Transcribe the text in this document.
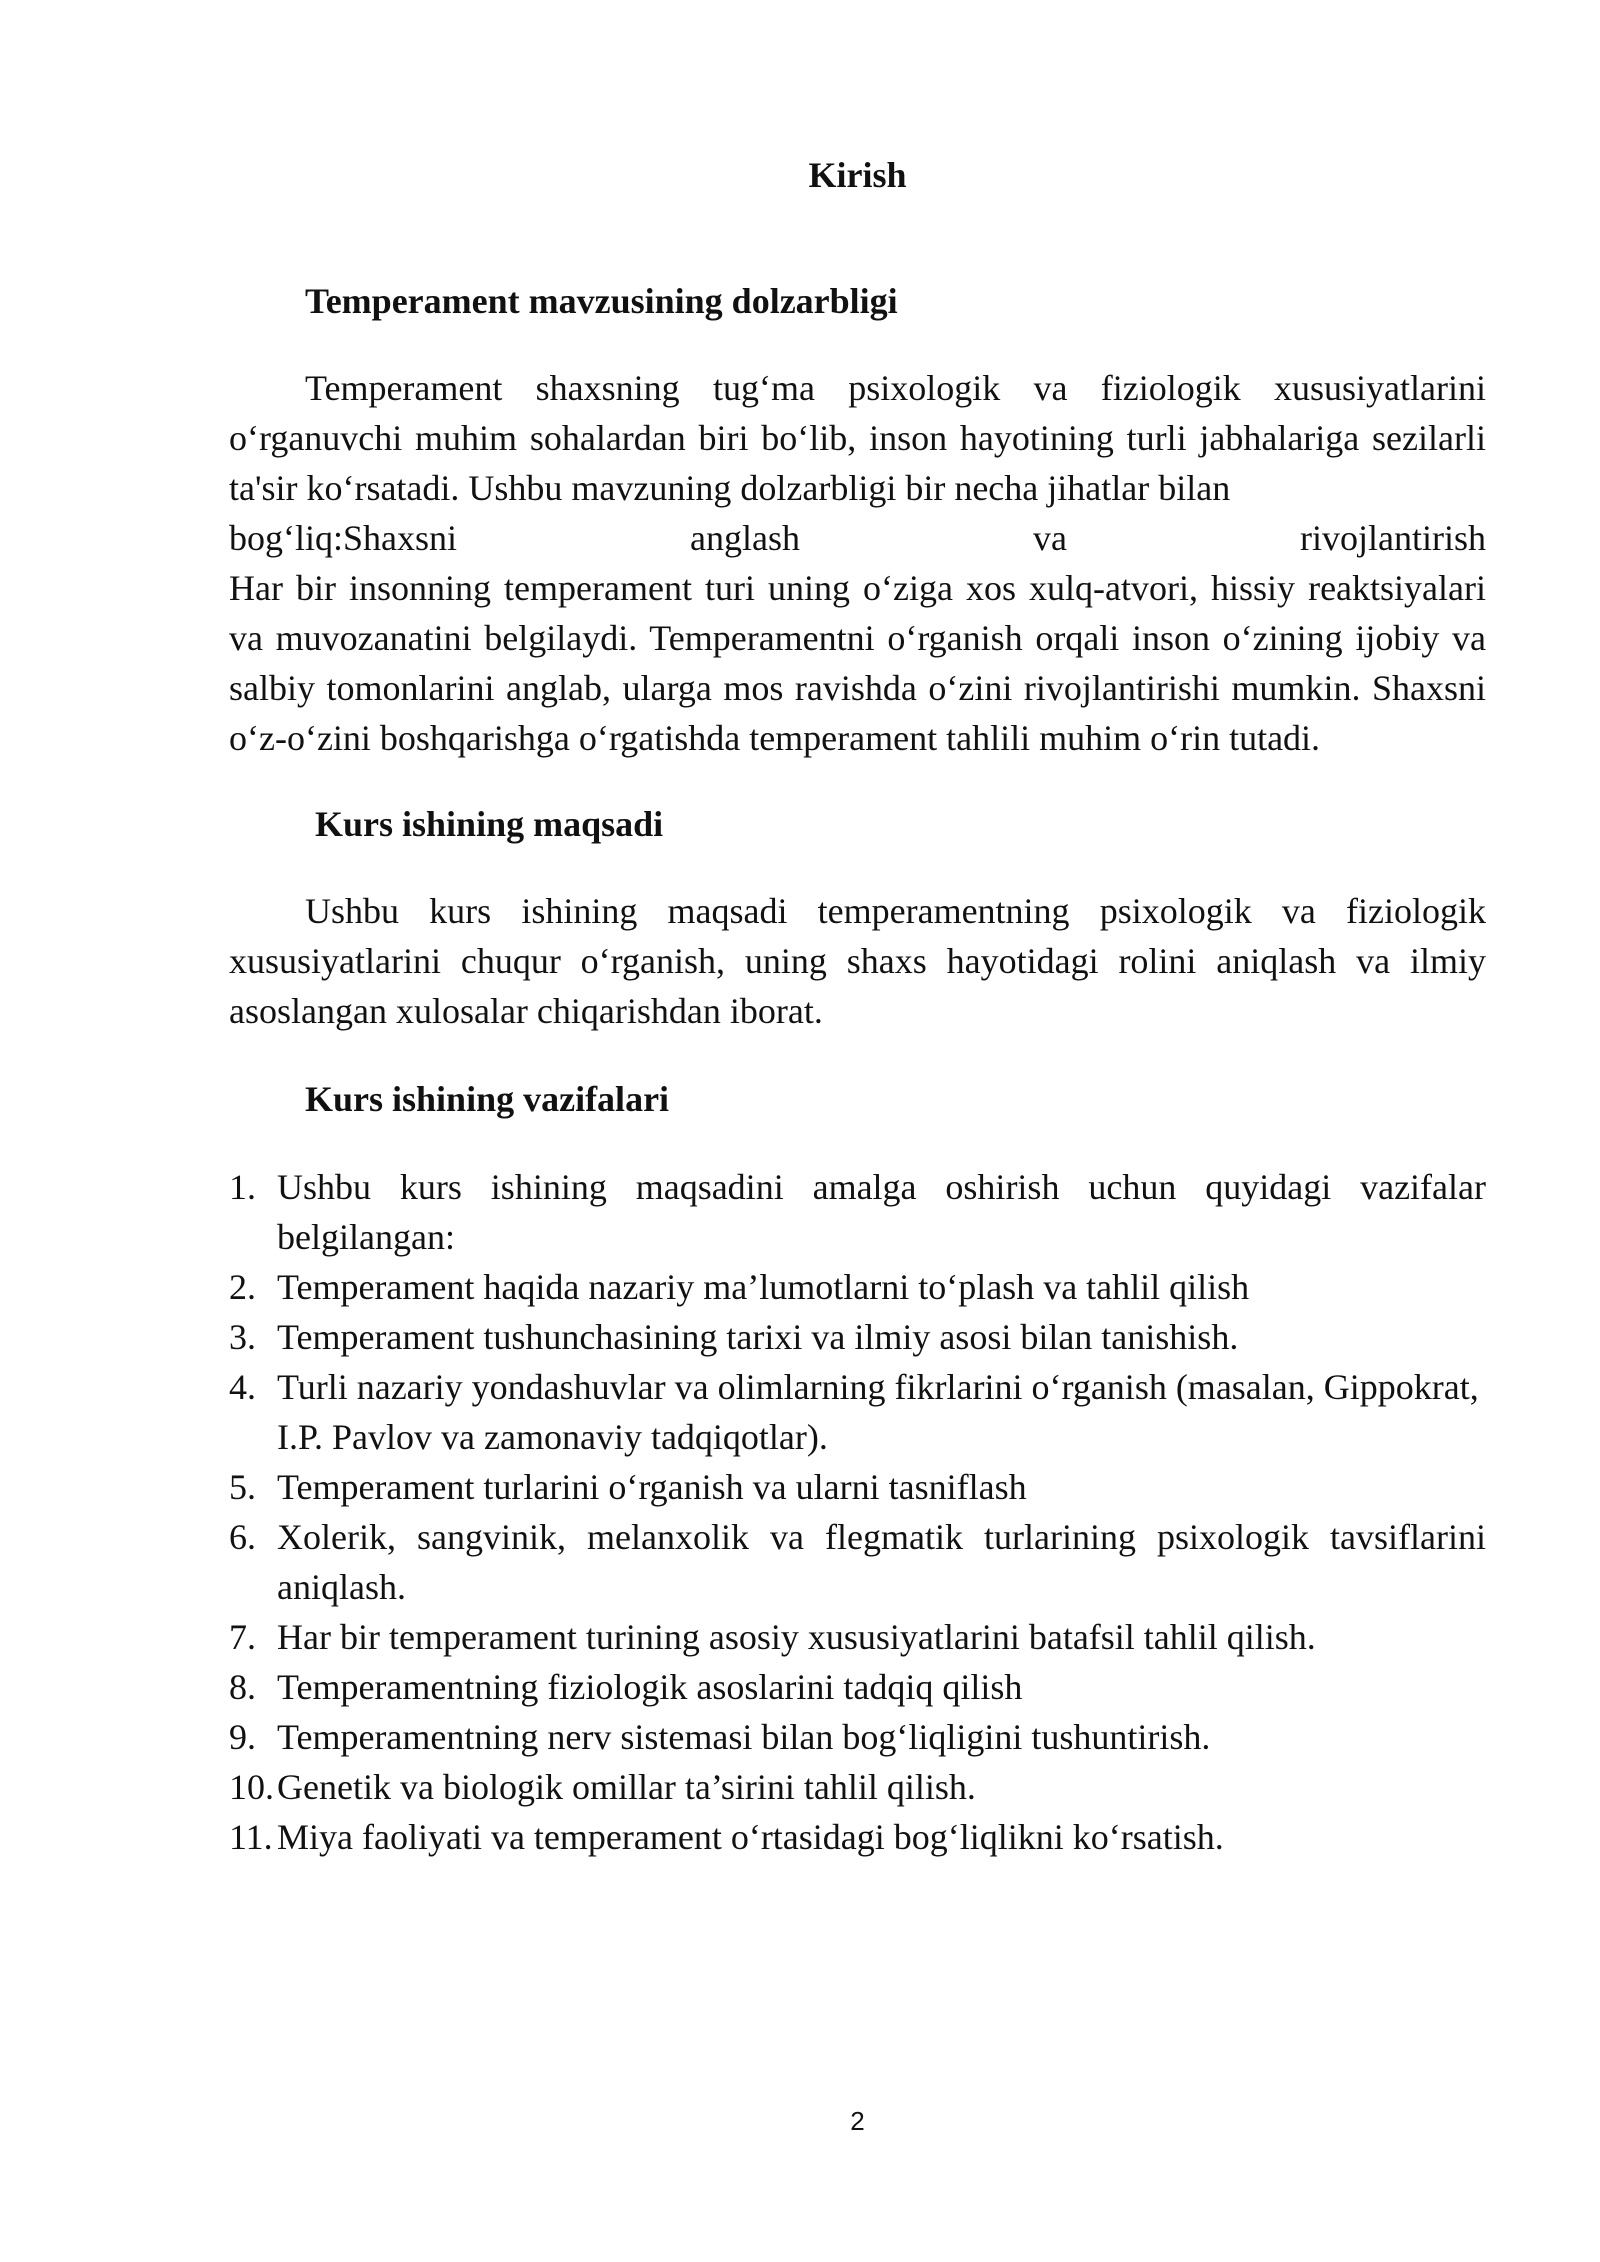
Kirish
Temperament mavzusining dolzarbligi

Temperament shaxsning tug‘ma psixologik va fiziologik xususiyatlarini o‘rganuvchi muhim sohalardan biri bo‘lib, inson hayotining turli jabhalariga sezilarli ta'sir ko‘rsatadi. Ushbu mavzuning dolzarbligi bir necha jihatlar bilan
bog‘liq:Shaxsni anglash va rivojlantirish
Har bir insonning temperament turi uning o‘ziga xos xulq-atvori, hissiy reaktsiyalari va muvozanatini belgilaydi. Temperamentni o‘rganish orqali inson o‘zining ijobiy va salbiy tomonlarini anglab, ularga mos ravishda o‘zini rivojlantirishi mumkin. Shaxsni o‘z-o‘zini boshqarishga o‘rgatishda temperament tahlili muhim o‘rin tutadi.

Kurs ishining maqsadi

Ushbu kurs ishining maqsadi temperamentning psixologik va fiziologik xususiyatlarini chuqur o‘rganish, uning shaxs hayotidagi rolini aniqlash va ilmiy asoslangan xulosalar chiqarishdan iborat.

Kurs ishining vazifalari
1. Ushbu kurs ishining maqsadini amalga oshirish uchun quyidagi vazifalar belgilangan:
2. Temperament haqida nazariy ma’lumotlarni to‘plash va tahlil qilish
3. Temperament tushunchasining tarixi va ilmiy asosi bilan tanishish.
4. Turli nazariy yondashuvlar va olimlarning fikrlarini o‘rganish (masalan, Gippokrat, I.P. Pavlov va zamonaviy tadqiqotlar).
5. Temperament turlarini o‘rganish va ularni tasniflash
6. Xolerik, sangvinik, melanxolik va flegmatik turlarining psixologik tavsiflarini aniqlash.
7. Har bir temperament turining asosiy xususiyatlarini batafsil tahlil qilish.
8. Temperamentning fiziologik asoslarini tadqiq qilish
9. Temperamentning nerv sistemasi bilan bog‘liqligini tushuntirish.
10. Genetik va biologik omillar ta’sirini tahlil qilish.
11. Miya faoliyati va temperament o‘rtasidagi bog‘liqlikni ko‘rsatish.
2
